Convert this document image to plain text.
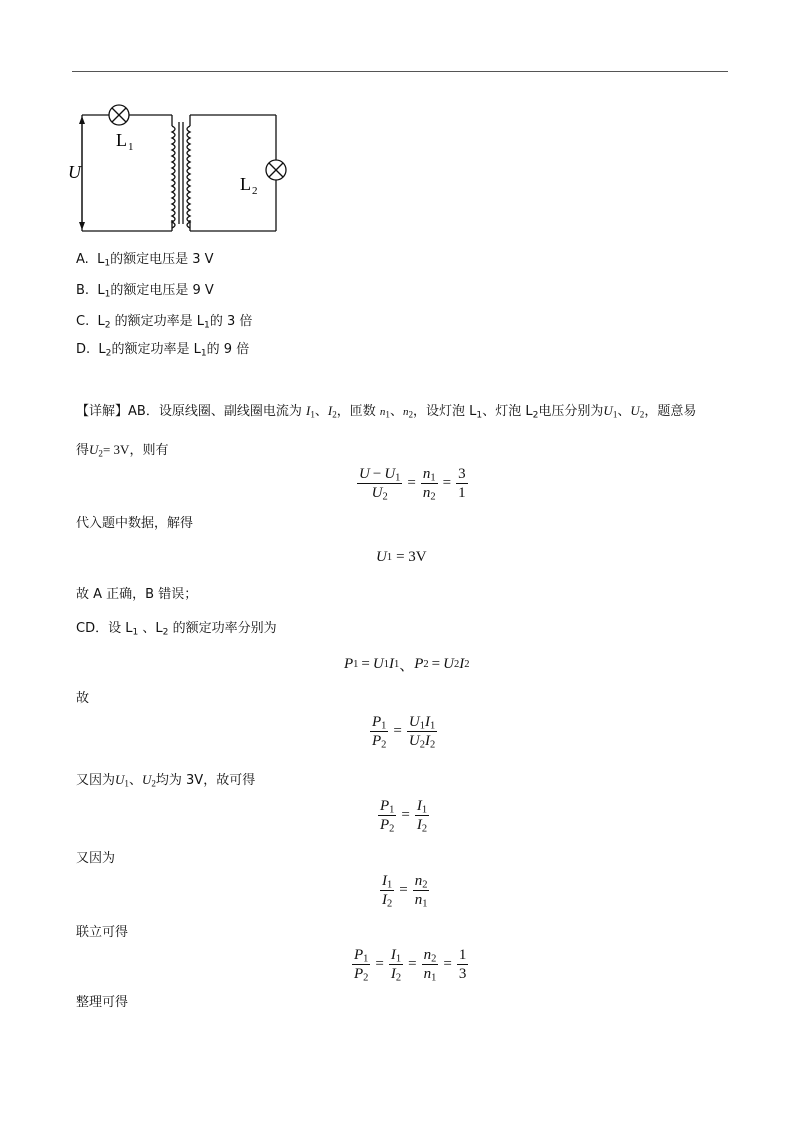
L 1
L 2
U
A. $L_1$的额定电压是 3 V
B. $L_1$的额定电压是 9 V
C. $L_2$ 的额定功率是 $L_1$的 3 倍
D. $L_2$的额定功率是 $L_1$的 9 倍
【详解】AB．设原线圈、副线圈电流为 $I_1$、$I_2$，匝数 $n_1$、$n_2$，设灯泡 $L_1$、灯泡 $L_2$电压分别为$U_1$、$U_2$，题意易
得$U_2= 3V$，则有
$\frac{U - U_1}{U_2} = \frac{n_1}{n_2} = \frac{3}{1}$
代入题中数据，解得
U 1 = 3V
故 A 正确，B 错误；
CD．设 $L_1$ 、$L_2$ 的额定功率分别为
P 1 = U 1 I 1 、 P 2 = U 2 I 2
故
$\frac{P_1}{P_2} = \frac{U_1I_1}{U_2I_2}$
又因为$U_1$、$U_2$均为 3V，故可得
$\frac{P_1}{P_2} = \frac{I_1}{I_2}$
又因为
$\frac{I_1}{I_2} = \frac{n_2}{n_1}$
联立可得
$\frac{P_1}{P_2} = \frac{I_1}{I_2} = \frac{n_2}{n_1} = \frac{1}{3}$
整理可得
